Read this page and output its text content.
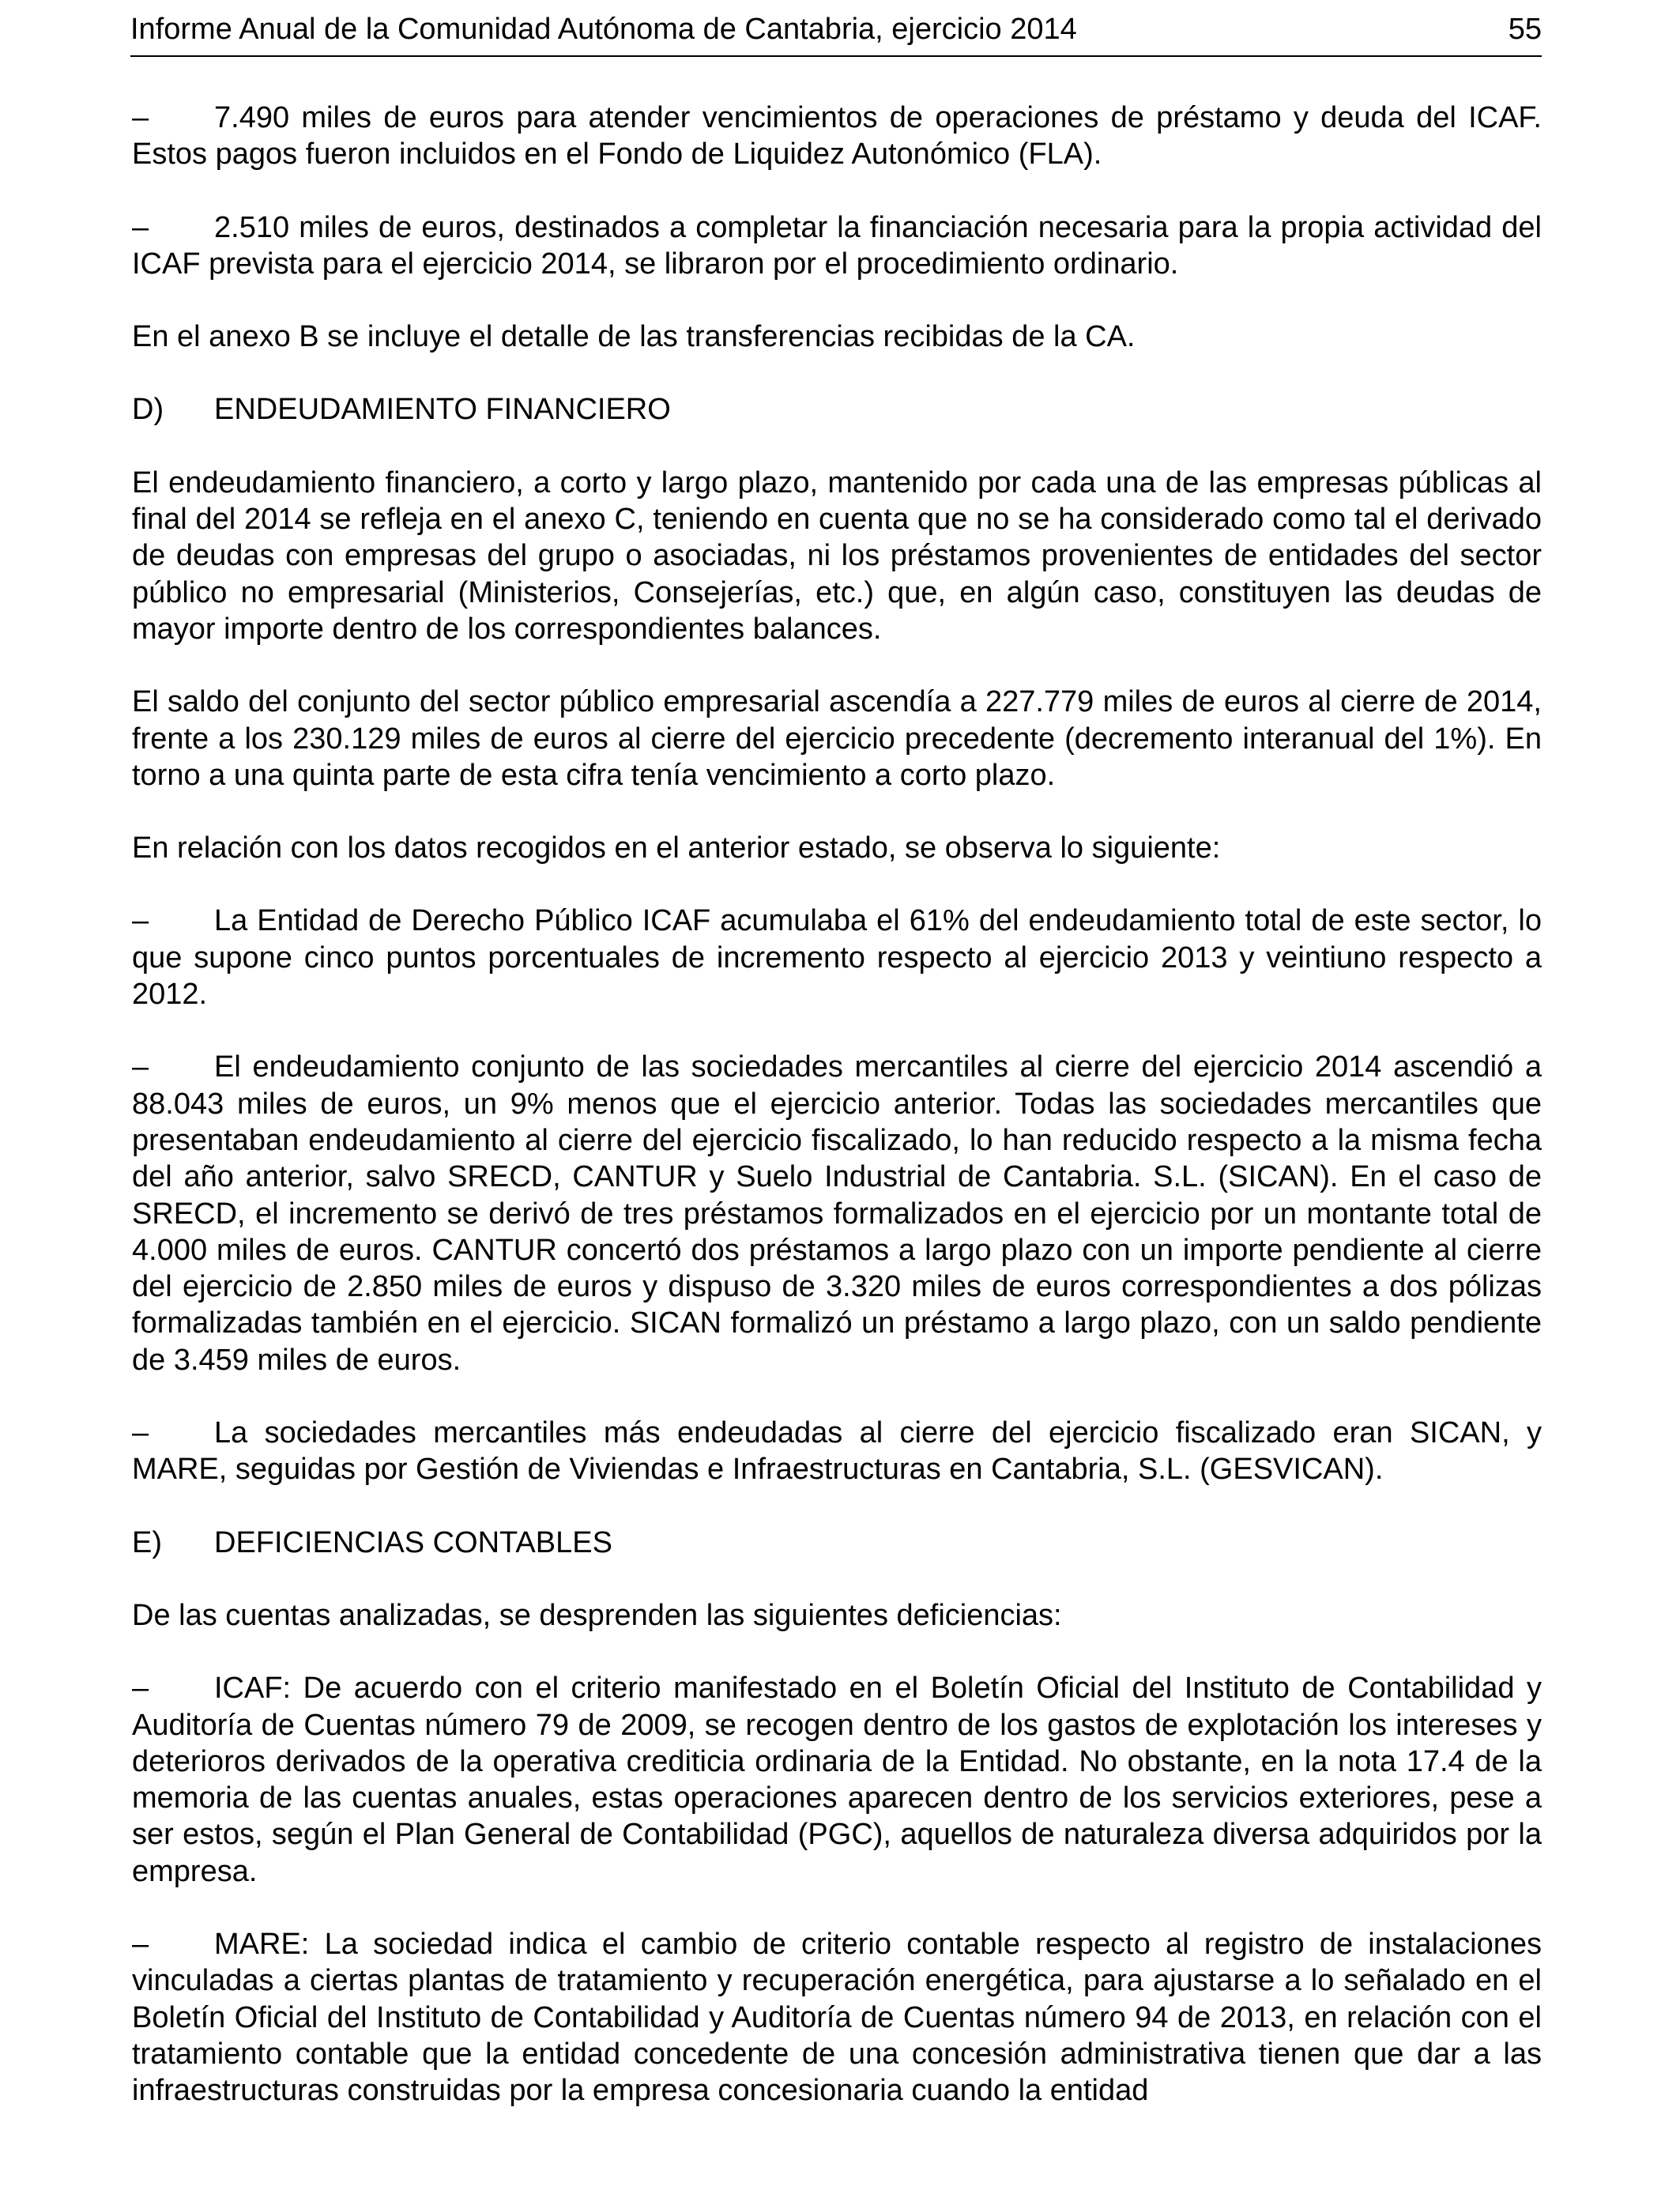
Informe Anual de la Comunidad Autónoma de Cantabria, ejercicio 2014	55

–	7.490 miles de euros para atender vencimientos de operaciones de préstamo y deuda del ICAF. Estos pagos fueron incluidos en el Fondo de Liquidez Autonómico (FLA).

–	2.510 miles de euros, destinados a completar la financiación necesaria para la propia actividad del ICAF prevista para el ejercicio 2014, se libraron por el procedimiento ordinario.

En el anexo B se incluye el detalle de las transferencias recibidas de la CA.

D) ENDEUDAMIENTO FINANCIERO

El endeudamiento financiero, a corto y largo plazo, mantenido por cada una de las empresas públicas al final del 2014 se refleja en el anexo C, teniendo en cuenta que no se ha considerado como tal el derivado de deudas con empresas del grupo o asociadas, ni los préstamos provenientes de entidades del sector público no empresarial (Ministerios, Consejerías, etc.) que, en algún caso, constituyen las deudas de mayor importe dentro de los correspondientes balances.

El saldo del conjunto del sector público empresarial ascendía a 227.779 miles de euros al cierre de 2014, frente a los 230.129 miles de euros al cierre del ejercicio precedente (decremento interanual del 1%). En torno a una quinta parte de esta cifra tenía vencimiento a corto plazo.

En relación con los datos recogidos en el anterior estado, se observa lo siguiente:

–	La Entidad de Derecho Público ICAF acumulaba el 61% del endeudamiento total de este sector, lo que supone cinco puntos porcentuales de incremento respecto al ejercicio 2013 y veintiuno respecto a 2012.

–	El endeudamiento conjunto de las sociedades mercantiles al cierre del ejercicio 2014 ascendió a 88.043 miles de euros, un 9% menos que el ejercicio anterior. Todas las sociedades mercantiles que presentaban endeudamiento al cierre del ejercicio fiscalizado, lo han reducido respecto a la misma fecha del año anterior, salvo SRECD, CANTUR y Suelo Industrial de Cantabria. S.L. (SICAN). En el caso de SRECD, el incremento se derivó de tres préstamos formalizados en el ejercicio por un montante total de 4.000 miles de euros. CANTUR concertó dos préstamos a largo plazo con un importe pendiente al cierre del ejercicio de 2.850 miles de euros y dispuso de 3.320 miles de euros correspondientes a dos pólizas formalizadas también en el ejercicio. SICAN formalizó un préstamo a largo plazo, con un saldo pendiente de 3.459 miles de euros.

–	La sociedades mercantiles más endeudadas al cierre del ejercicio fiscalizado eran SICAN, y MARE, seguidas por Gestión de Viviendas e Infraestructuras en Cantabria, S.L. (GESVICAN).

E) DEFICIENCIAS CONTABLES

De las cuentas analizadas, se desprenden las siguientes deficiencias:

–	ICAF: De acuerdo con el criterio manifestado en el Boletín Oficial del Instituto de Contabilidad y Auditoría de Cuentas número 79 de 2009, se recogen dentro de los gastos de explotación los intereses y deterioros derivados de la operativa crediticia ordinaria de la Entidad. No obstante, en la nota 17.4 de la memoria de las cuentas anuales, estas operaciones aparecen dentro de los servicios exteriores, pese a ser estos, según el Plan General de Contabilidad (PGC), aquellos de naturaleza diversa adquiridos por la empresa.

–	MARE: La sociedad indica el cambio de criterio contable respecto al registro de instalaciones vinculadas a ciertas plantas de tratamiento y recuperación energética, para ajustarse a lo señalado en el Boletín Oficial del Instituto de Contabilidad y Auditoría de Cuentas número 94 de 2013, en relación con el tratamiento contable que la entidad concedente de una concesión administrativa tienen que dar a las infraestructuras construidas por la empresa concesionaria cuando la entidad
